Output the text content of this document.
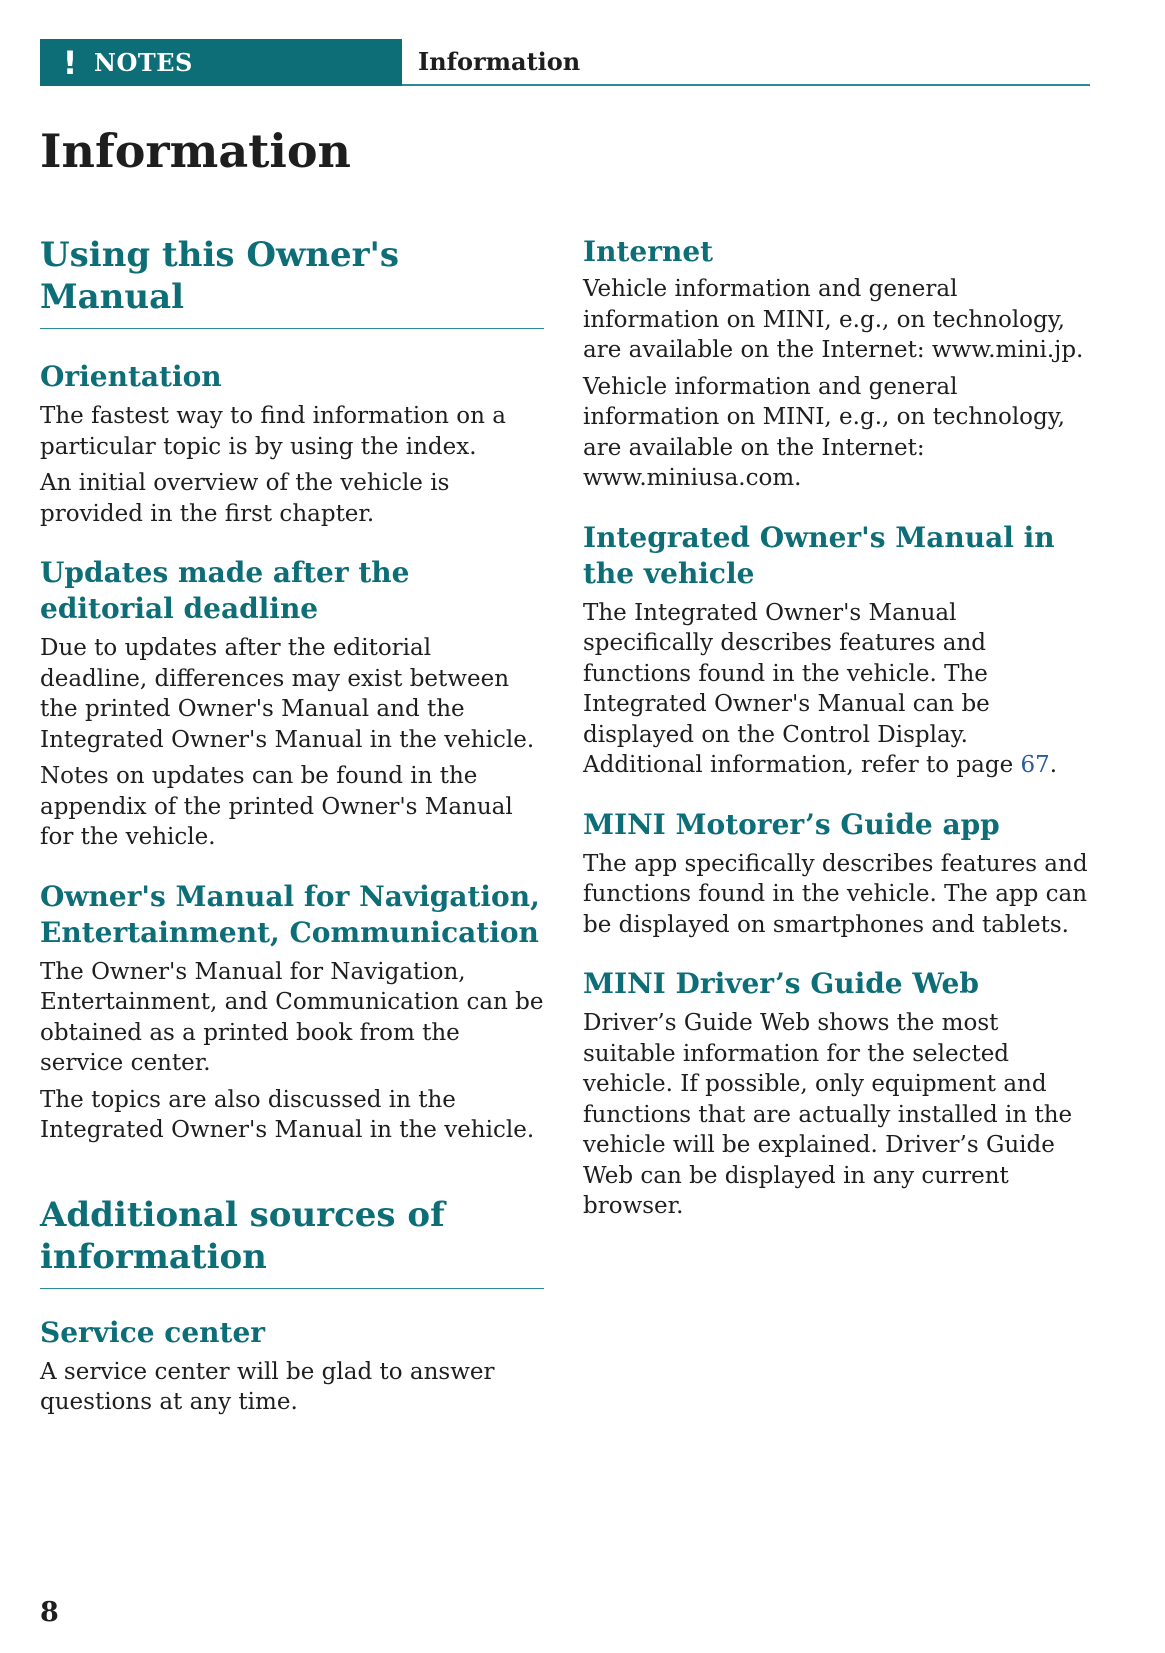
! NOTES	Information
Information
Using this Owner's Manual
Orientation

The fastest way to find information on a particular topic is by using the index.

An initial overview of the vehicle is provided in the first chapter.

Updates made after the editorial deadline

Due to updates after the editorial deadline, differences may exist between the printed Owner's Manual and the Integrated Owner's Manual in the vehicle.

Notes on updates can be found in the appendix of the printed Owner's Manual for the vehicle.

Owner's Manual for Navigation, Entertainment, Communication

The Owner's Manual for Navigation, Entertainment, and Communication can be obtained as a printed book from the service center.

The topics are also discussed in the Integrated Owner's Manual in the vehicle.

Additional sources of information
Service center

A service center will be glad to answer questions at any time.

Internet

Vehicle information and general information on MINI, e.g., on technology, are available on the Internet: www.mini.jp.

Vehicle information and general information on MINI, e.g., on technology, are available on the Internet: www.miniusa.com.

Integrated Owner's Manual in the vehicle

The Integrated Owner's Manual specifically describes features and functions found in the vehicle. The Integrated Owner's Manual can be displayed on the Control Display. Additional information, refer to page 67.

MINI Motorer’s Guide app

The app specifically describes features and functions found in the vehicle. The app can be displayed on smartphones and tablets.

MINI Driver’s Guide Web

Driver’s Guide Web shows the most suitable information for the selected vehicle. If possible, only equipment and functions that are actually installed in the vehicle will be explained. Driver’s Guide Web can be displayed in any current browser.

8
